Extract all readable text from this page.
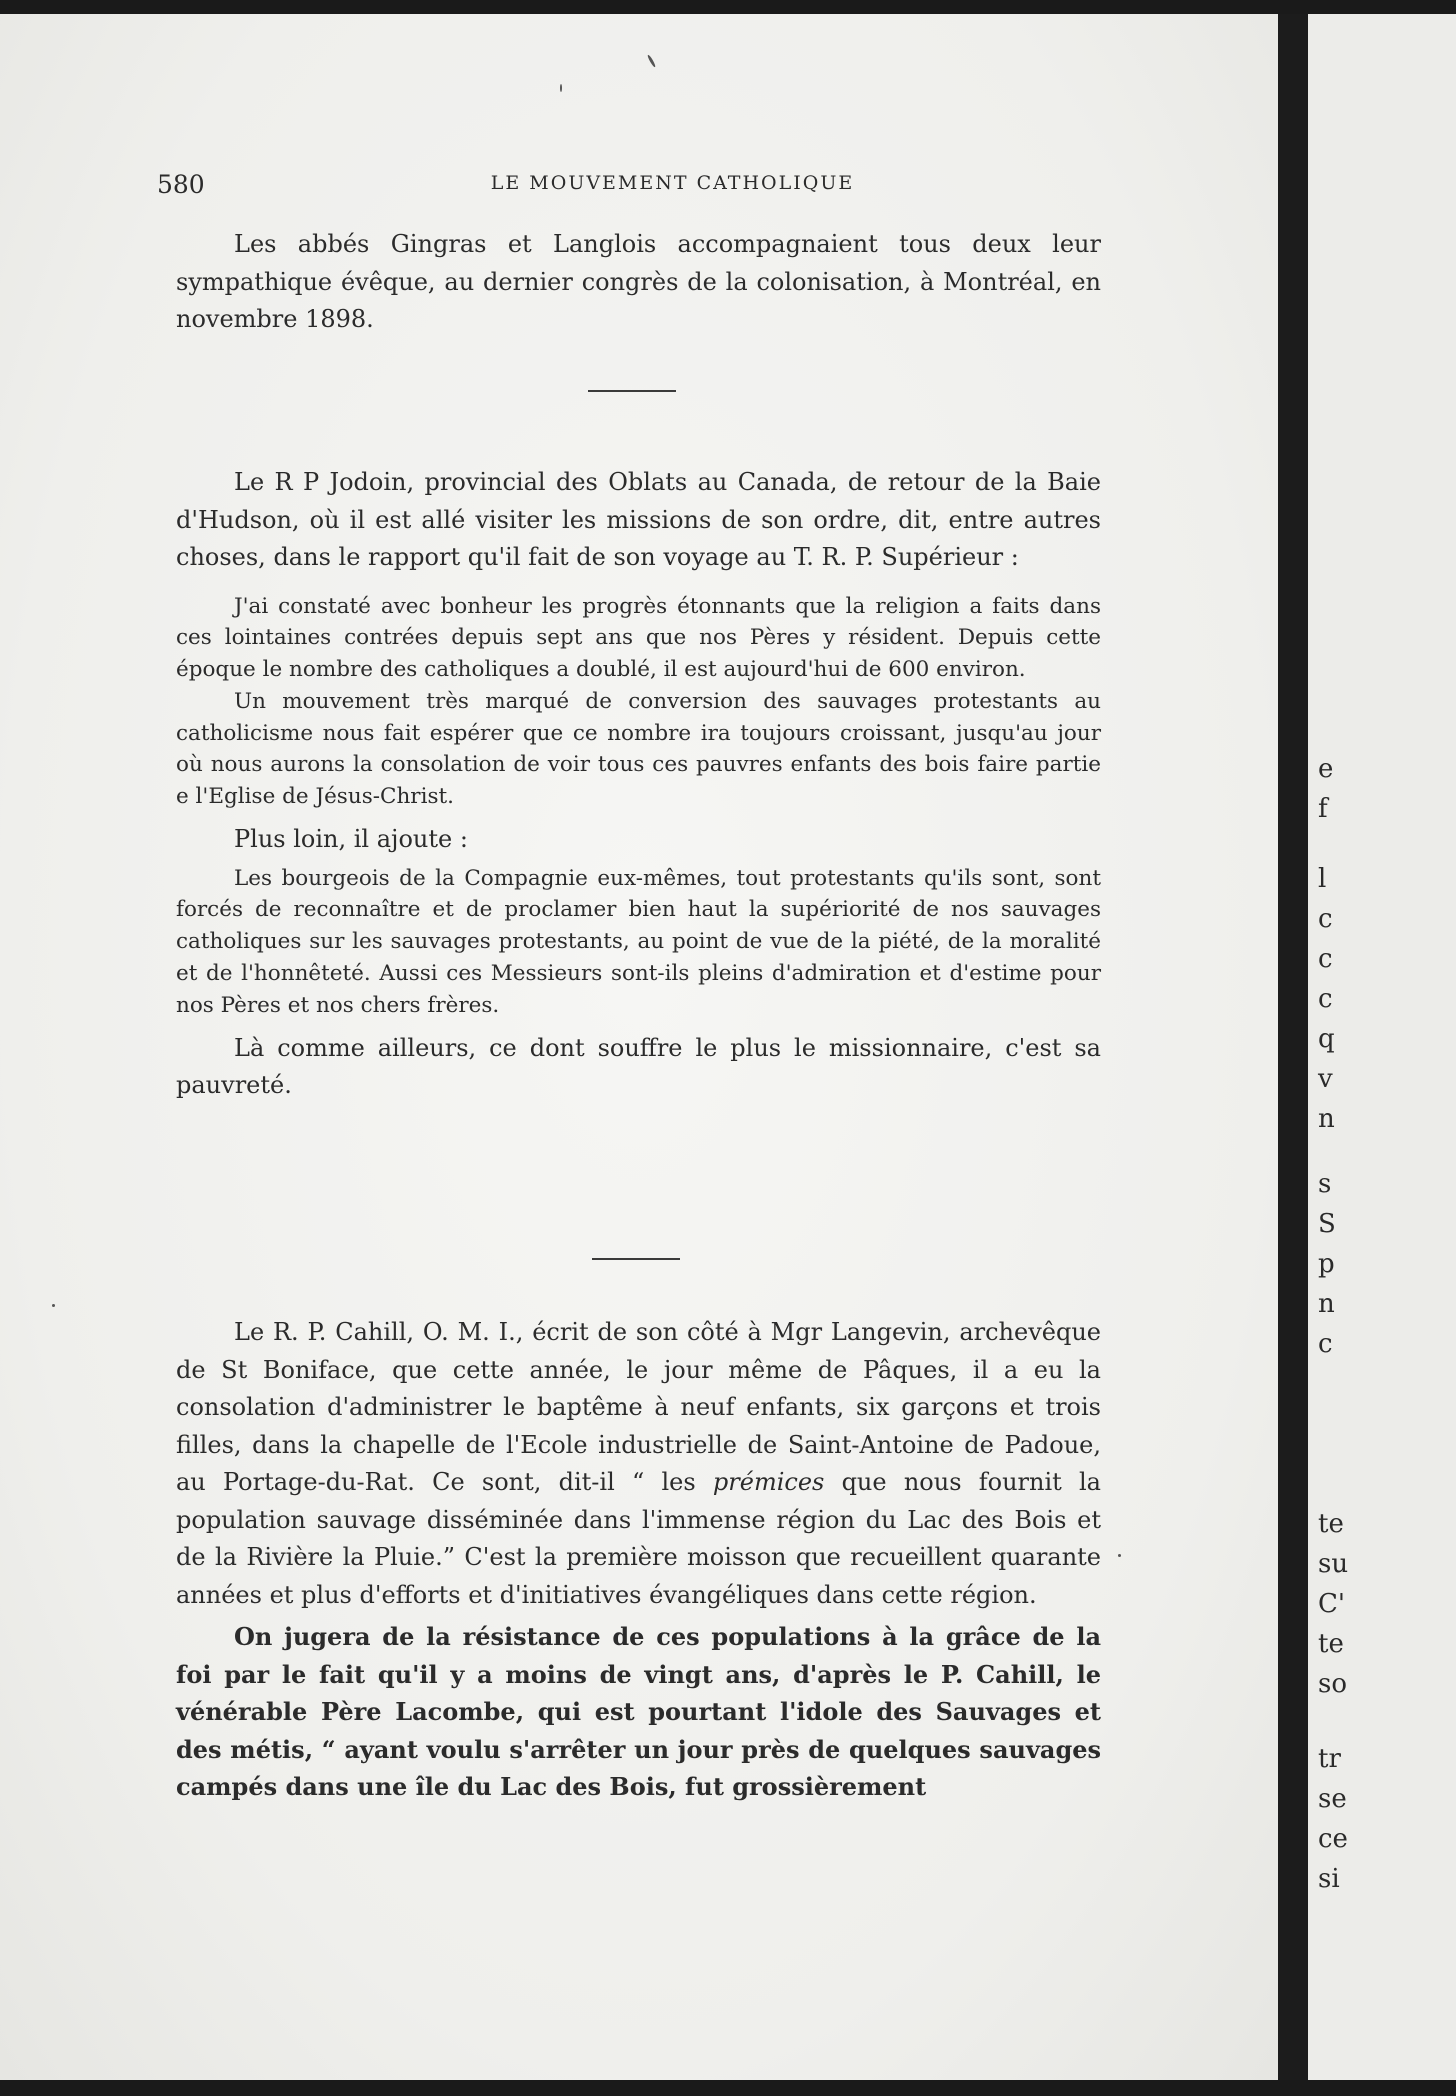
580	LE MOUVEMENT CATHOLIQUE

Les abbés Gingras et Langlois accompagnaient tous deux leur sympathique évêque, au dernier congrès de la colonisation, à Montréal, en novembre 1898.

Le R P Jodoin, provincial des Oblats au Canada, de retour de la Baie d'Hudson, où il est allé visiter les missions de son ordre, dit, entre autres choses, dans le rapport qu'il fait de son voyage au T. R. P. Supérieur :

J'ai constaté avec bonheur les progrès étonnants que la religion a faits dans ces lointaines contrées depuis sept ans que nos Pères y résident. Depuis cette époque le nombre des catholiques a doublé, il est aujourd'hui de 600 environ.

Un mouvement très marqué de conversion des sauvages protestants au catholicisme nous fait espérer que ce nombre ira toujours croissant, jusqu'au jour où nous aurons la consolation de voir tous ces pauvres enfants des bois faire partie e l'Eglise de Jésus-Christ.

Plus loin, il ajoute :

Les bourgeois de la Compagnie eux-mêmes, tout protestants qu'ils sont, sont forcés de reconnaître et de proclamer bien haut la supériorité de nos sauvages catholiques sur les sauvages protestants, au point de vue de la piété, de la moralité et de l'honnêteté. Aussi ces Messieurs sont-ils pleins d'admiration et d'estime pour nos Pères et nos chers frères.

Là comme ailleurs, ce dont souffre le plus le missionnaire, c'est sa pauvreté.

Le R. P. Cahill, O. M. I., écrit de son côté à Mgr Langevin, archevêque de St Boniface, que cette année, le jour même de Pâques, il a eu la consolation d'administrer le baptême à neuf enfants, six garçons et trois filles, dans la chapelle de l'Ecole industrielle de Saint-Antoine de Padoue, au Portage-du-Rat. Ce sont, dit-il “ les prémices que nous fournit la population sauvage disséminée dans l'immense région du Lac des Bois et de la Rivière la Pluie.” C'est la première moisson que recueillent quarante années et plus d'efforts et d'initiatives évangéliques dans cette région.

On jugera de la résistance de ces populations à la grâce de la foi par le fait qu'il y a moins de vingt ans, d'après le P. Cahill, le vénérable Père Lacombe, qui est pourtant l'idole des Sauvages et des métis, “ ayant voulu s'arrêter un jour près de quelques sauvages campés dans une île du Lac des Bois, fut grossièrement

e
f
l
c
c
c
q
v
n
s
S
p
n
c
te
su
C'
te
so
tr
se
ce
si
